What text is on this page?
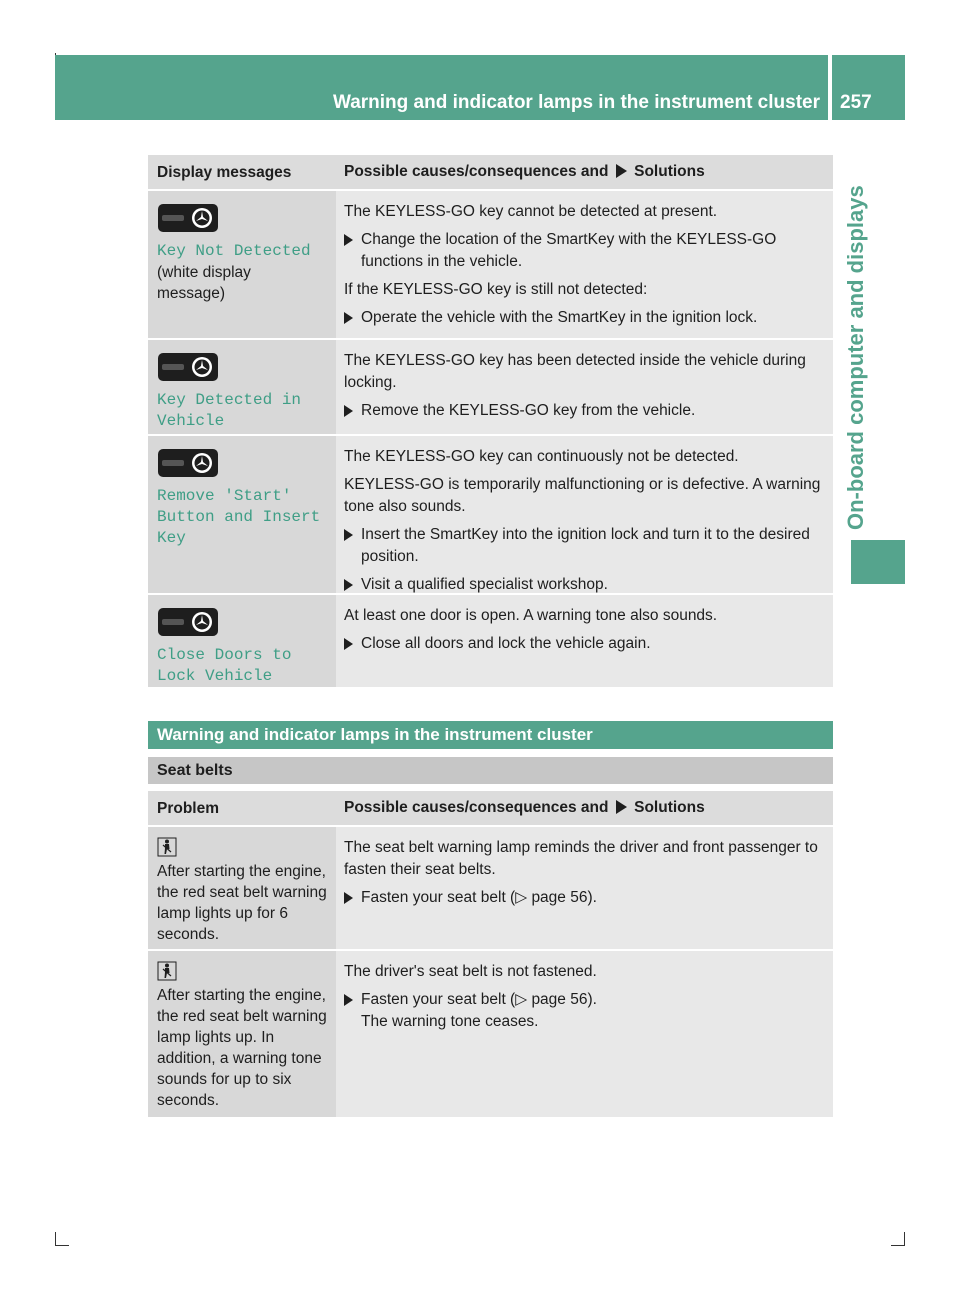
Warning and indicator lamps in the instrument cluster 257
On-board computer and displays
Display messages	Possible causes/consequences and Solutions
Key Not Detected
(white display
message)
The KEYLESS-GO key cannot be detected at present.
Change the location of the SmartKey with the KEYLESS-GO functions in the vehicle.
If the KEYLESS-GO key is still not detected:
Operate the vehicle with the SmartKey in the ignition lock.
Key Detected in
Vehicle
The KEYLESS-GO key has been detected inside the vehicle during locking.
Remove the KEYLESS-GO key from the vehicle.
Remove 'Start'
Button and Insert
Key
The KEYLESS-GO key can continuously not be detected.
KEYLESS-GO is temporarily malfunctioning or is defective. A warning tone also sounds.
Insert the SmartKey into the ignition lock and turn it to the desired position.
Visit a qualified specialist workshop.
Close Doors to
Lock Vehicle
At least one door is open. A warning tone also sounds.
Close all doors and lock the vehicle again.
Warning and indicator lamps in the instrument cluster
Seat belts
Problem	Possible causes/consequences and Solutions
After starting the engine, the red seat belt warning lamp lights up for 6 seconds.
The seat belt warning lamp reminds the driver and front passenger to fasten their seat belts.
Fasten your seat belt (▷ page 56).
After starting the engine, the red seat belt warning lamp lights up. In addition, a warning tone sounds for up to six seconds.
The driver's seat belt is not fastened.
Fasten your seat belt (▷ page 56).
The warning tone ceases.
